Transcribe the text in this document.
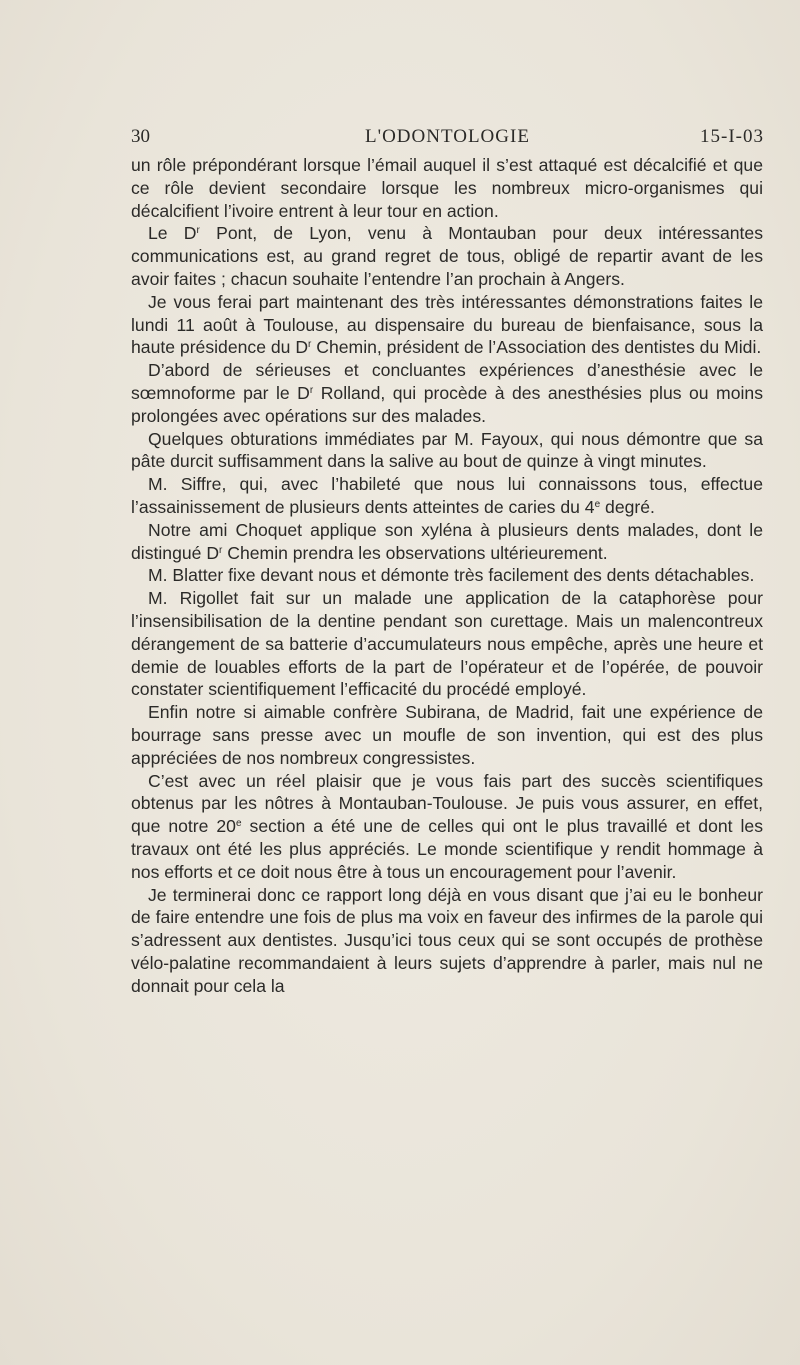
30	L'ODONTOLOGIE	15-I-03

un rôle prépondérant lorsque l’émail auquel il s’est attaqué est décalcifié et que ce rôle devient secondaire lorsque les nombreux micro-organismes qui décalcifient l’ivoire entrent à leur tour en action.

Le $D^r$ Pont, de Lyon, venu à Montauban pour deux intéressantes communications est, au grand regret de tous, obligé de repartir avant de les avoir faites ; chacun souhaite l’entendre l’an prochain à Angers.

Je vous ferai part maintenant des très intéressantes démonstrations faites le lundi 11 août à Toulouse, au dispensaire du bureau de bienfaisance, sous la haute présidence du $D^r$ Chemin, président de l’Association des dentistes du Midi.

D’abord de sérieuses et concluantes expériences d’anesthésie avec le sœmnoforme par le $D^r$ Rolland, qui procède à des anesthésies plus ou moins prolongées avec opérations sur des malades.

Quelques obturations immédiates par M. Fayoux, qui nous démontre que sa pâte durcit suffisamment dans la salive au bout de quinze à vingt minutes.

M. Siffre, qui, avec l’habileté que nous lui connaissons tous, effectue l’assainissement de plusieurs dents atteintes de caries du 4e degré.

Notre ami Choquet applique son xyléna à plusieurs dents malades, dont le distingué $D^r$ Chemin prendra les observations ultérieurement.

M. Blatter fixe devant nous et démonte très facilement des dents détachables.

M. Rigollet fait sur un malade une application de la cataphorèse pour l’insensibilisation de la dentine pendant son curettage. Mais un malencontreux dérangement de sa batterie d’accumulateurs nous empêche, après une heure et demie de louables efforts de la part de l’opérateur et de l’opérée, de pouvoir constater scientifiquement l’efficacité du procédé employé.

Enfin notre si aimable confrère Subirana, de Madrid, fait une expérience de bourrage sans presse avec un moufle de son invention, qui est des plus appréciées de nos nombreux congressistes.

C’est avec un réel plaisir que je vous fais part des succès scientifiques obtenus par les nôtres à Montauban-Toulouse. Je puis vous assurer, en effet, que notre 20e section a été une de celles qui ont le plus travaillé et dont les travaux ont été les plus appréciés. Le monde scientifique y rendit hommage à nos efforts et ce doit nous être à tous un encouragement pour l’avenir.

Je terminerai donc ce rapport long déjà en vous disant que j’ai eu le bonheur de faire entendre une fois de plus ma voix en faveur des infirmes de la parole qui s’adressent aux dentistes. Jusqu’ici tous ceux qui se sont occupés de prothèse vélo-palatine recommandaient à leurs sujets d’apprendre à parler, mais nul ne donnait pour cela la
